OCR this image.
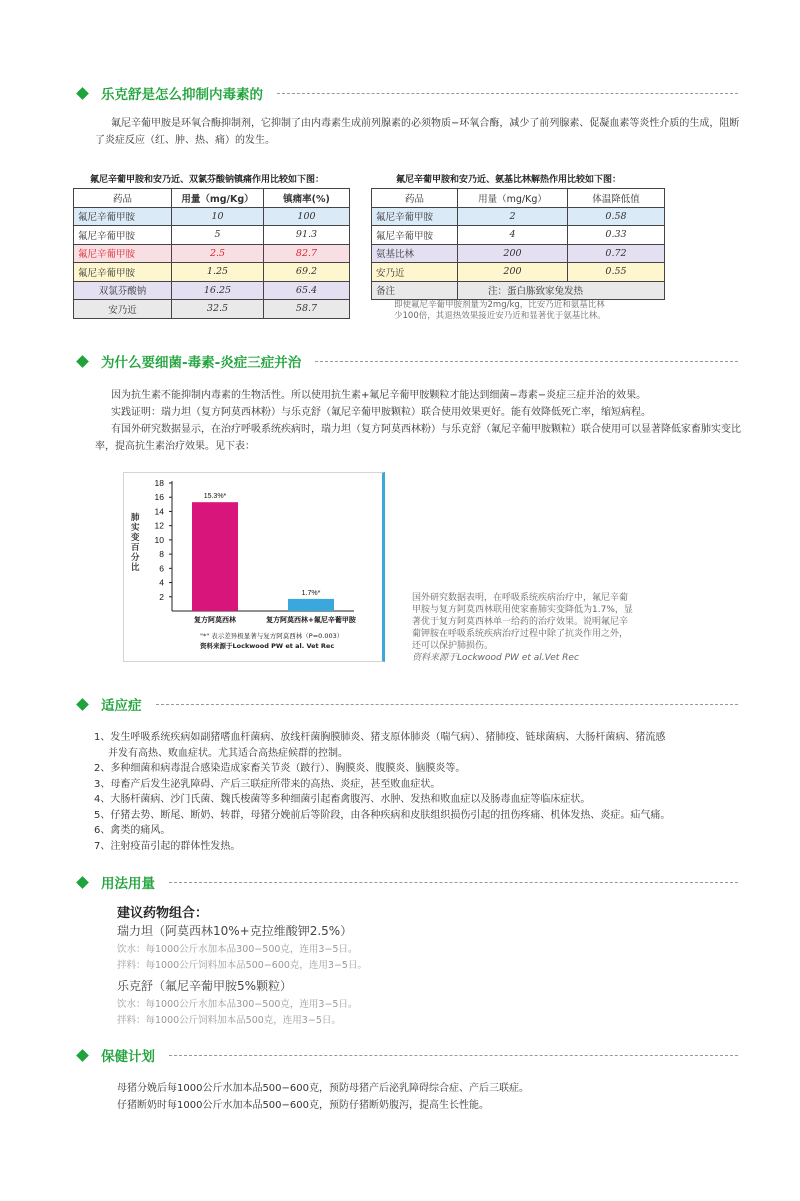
乐克舒是怎么抑制内毒素的

氟尼辛葡甲胺是环氧合酶抑制剂，它抑制了由内毒素生成前列腺素的必须物质−环氧合酶，减少了前列腺素、促凝血素等炎性介质的生成，阻断了炎症反应（红、肿、热、痛）的发生。

氟尼辛葡甲胺和安乃近、双氯芬酸钠镇痛作用比较如下图：
药品	用量（mg/Kg）	镇痛率(%)
氟尼辛葡甲胺	10	100
氟尼辛葡甲胺	5	91.3
氟尼辛葡甲胺	2.5	82.7
氟尼辛葡甲胺	1.25	69.2
双氯芬酸钠	16.25	65.4
安乃近	32.5	58.7
氟尼辛葡甲胺和安乃近、氨基比林解热作用比较如下图：
药品	用量（mg/Kg）	体温降低值
氟尼辛葡甲胺	2	0.58
氟尼辛葡甲胺	4	0.33
氨基比林	200	0.72
安乃近	200	0.55
备注	注：蛋白胨致家兔发热	
即使氟尼辛葡甲胺剂量为2mg/kg，比安乃近和氨基比林
少100倍，其退热效果接近安乃近和显著优于氨基比林。
为什么要细菌-毒素-炎症三症并治

因为抗生素不能抑制内毒素的生物活性。所以使用抗生素+氟尼辛葡甲胺颗粒才能达到细菌−毒素−炎症三症并治的效果。

实践证明：瑞力坦（复方阿莫西林粉）与乐克舒（氟尼辛葡甲胺颗粒）联合使用效果更好。能有效降低死亡率，缩短病程。

有国外研究数据显示，在治疗呼吸系统疾病时，瑞力坦（复方阿莫西林粉）与乐克舒（氟尼辛葡甲胺颗粒）联合使用可以显著降低家畜肺实变比率，提高抗生素治疗效果。见下表：

2
4
6
8
10
12
14
16
18
15.3%*
复方阿莫西林
1.7%*
复方阿莫西林+氟尼辛葡甲胺
肺实变百分比
"*" 表示差异极显著与复方阿莫西林（P=0.003）
资料来源于Lockwood PW et al. Vet Rec
国外研究数据表明，在呼吸系统疾病治疗中，氟尼辛葡
甲胺与复方阿莫西林联用使家畜肺实变降低为1.7%，显
著优于复方阿莫西林单一给药的治疗效果。说明氟尼辛
葡钾胺在呼吸系统疾病治疗过程中除了抗炎作用之外，
还可以保护肺损伤。
资料来源于Lockwood PW et al.Vet Rec
适应症
1、发生呼吸系统疾病如副猪嗜血杆菌病、放线杆菌胸膜肺炎、猪支原体肺炎（喘气病）、猪肺疫、链球菌病、大肠杆菌病、猪流感
并发有高热、败血症状。尤其适合高热症候群的控制。
2、多种细菌和病毒混合感染造成家畜关节炎（跛行）、胸膜炎、腹膜炎、脑膜炎等。
3、母畜产后发生泌乳障碍、产后三联症所带来的高热、炎症，甚至败血症状。
4、大肠杆菌病、沙门氏菌、魏氏梭菌等多种细菌引起畜禽腹泻、水肿、发热和败血症以及肠毒血症等临床症状。
5、仔猪去势、断尾、断奶、转群，母猪分娩前后等阶段，由各种疾病和皮肤组织损伤引起的扭伤疼痛、机体发热、炎症。疝气痛。
6、禽类的痛风。
7、注射疫苗引起的群体性发热。
用法用量
建议药物组合：
瑞力坦（阿莫西林10%+克拉维酸钾2.5%）
饮水：每1000公斤水加本品300−500克，连用3−5日。
拌料：每1000公斤饲料加本品500−600克，连用3−5日。
乐克舒（氟尼辛葡甲胺5%颗粒）
饮水：每1000公斤水加本品300−500克，连用3−5日。
拌料：每1000公斤饲料加本品500克，连用3−5日。
保健计划
母猪分娩后每1000公斤水加本品500−600克，预防母猪产后泌乳障碍综合症、产后三联症。
仔猪断奶时每1000公斤水加本品500−600克，预防仔猪断奶腹泻，提高生长性能。
